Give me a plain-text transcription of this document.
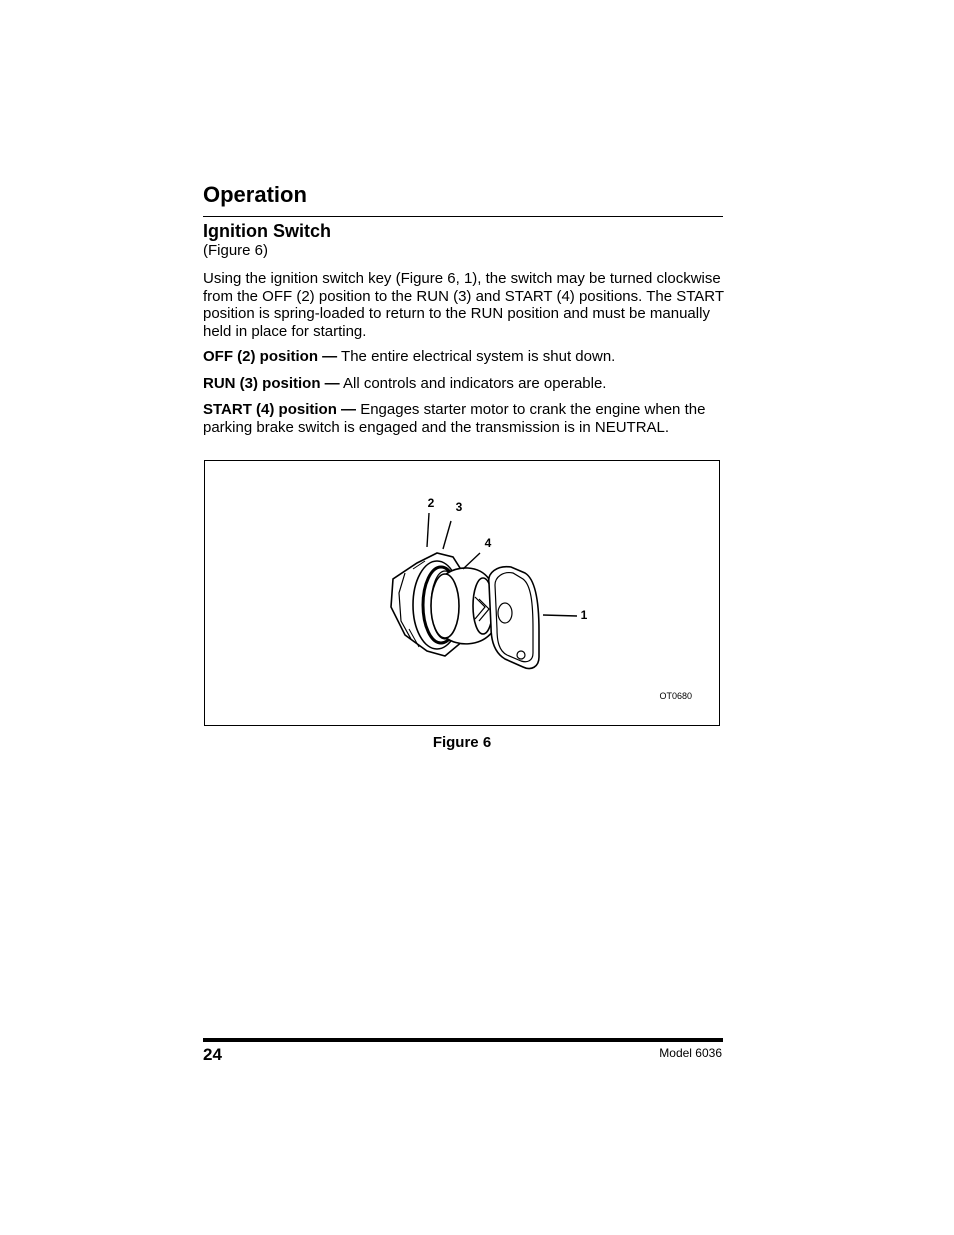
Operation
Ignition Switch
(Figure 6)

Using the ignition switch key (Figure 6, 1), the switch may be turned clockwise from the OFF (2) position to the RUN (3) and START (4) positions. The START position is spring-loaded to return to the RUN position and must be manually held in place for starting.

OFF (2) position — The entire electrical system is shut down.

RUN (3) position — All controls and indicators are operable.

START (4) position — Engages starter motor to crank the engine when the parking brake switch is engaged and the transmission is in NEUTRAL.

2 3
4
1
OT0680
Figure 6
24	Model 6036
